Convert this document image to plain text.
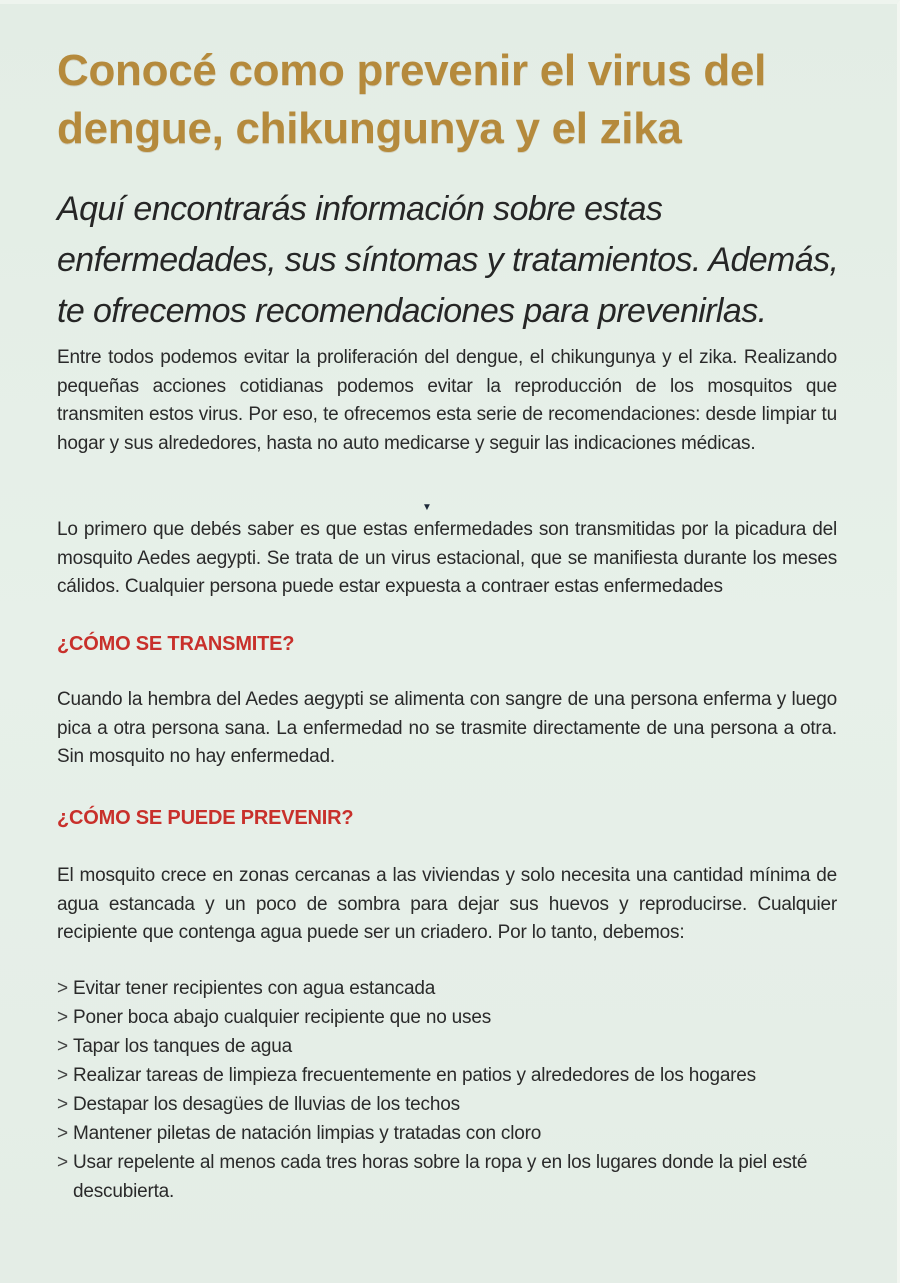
Conocé como prevenir el virus del dengue, chikungunya y el zika

Aquí encontrarás información sobre estas enfermedades, sus síntomas y tratamientos. Además, te ofrecemos recomendaciones para prevenirlas.

Entre todos podemos evitar la proliferación del dengue, el chikungunya y el zika. Realizando pequeñas acciones cotidianas podemos evitar la reproducción de los mosquitos que transmiten estos virus. Por eso, te ofrecemos esta serie de recomendaciones: desde limpiar tu hogar y sus alrededores, hasta no auto medicarse y seguir las indicaciones médicas.

▼

Lo primero que debés saber es que estas enfermedades son transmitidas por la picadura del mosquito Aedes aegypti. Se trata de un virus estacional, que se manifiesta durante los meses cálidos. Cualquier persona puede estar expuesta a contraer estas enfermedades

¿CÓMO SE TRANSMITE?

Cuando la hembra del Aedes aegypti se alimenta con sangre de una persona enferma y luego pica a otra persona sana. La enfermedad no se trasmite directamente de una persona a otra. Sin mosquito no hay enfermedad.

¿CÓMO SE PUEDE PREVENIR?

El mosquito crece en zonas cercanas a las viviendas y solo necesita una cantidad mínima de agua estancada y un poco de sombra para dejar sus huevos y reproducirse. Cualquier recipiente que contenga agua puede ser un criadero. Por lo tanto, debemos:

> Evitar tener recipientes con agua estancada
> Poner boca abajo cualquier recipiente que no uses
> Tapar los tanques de agua
> Realizar tareas de limpieza frecuentemente en patios y alrededores de los hogares
> Destapar los desagües de lluvias de los techos
> Mantener piletas de natación limpias y tratadas con cloro
> Usar repelente al menos cada tres horas sobre la ropa y en los lugares donde la piel esté descubierta.
